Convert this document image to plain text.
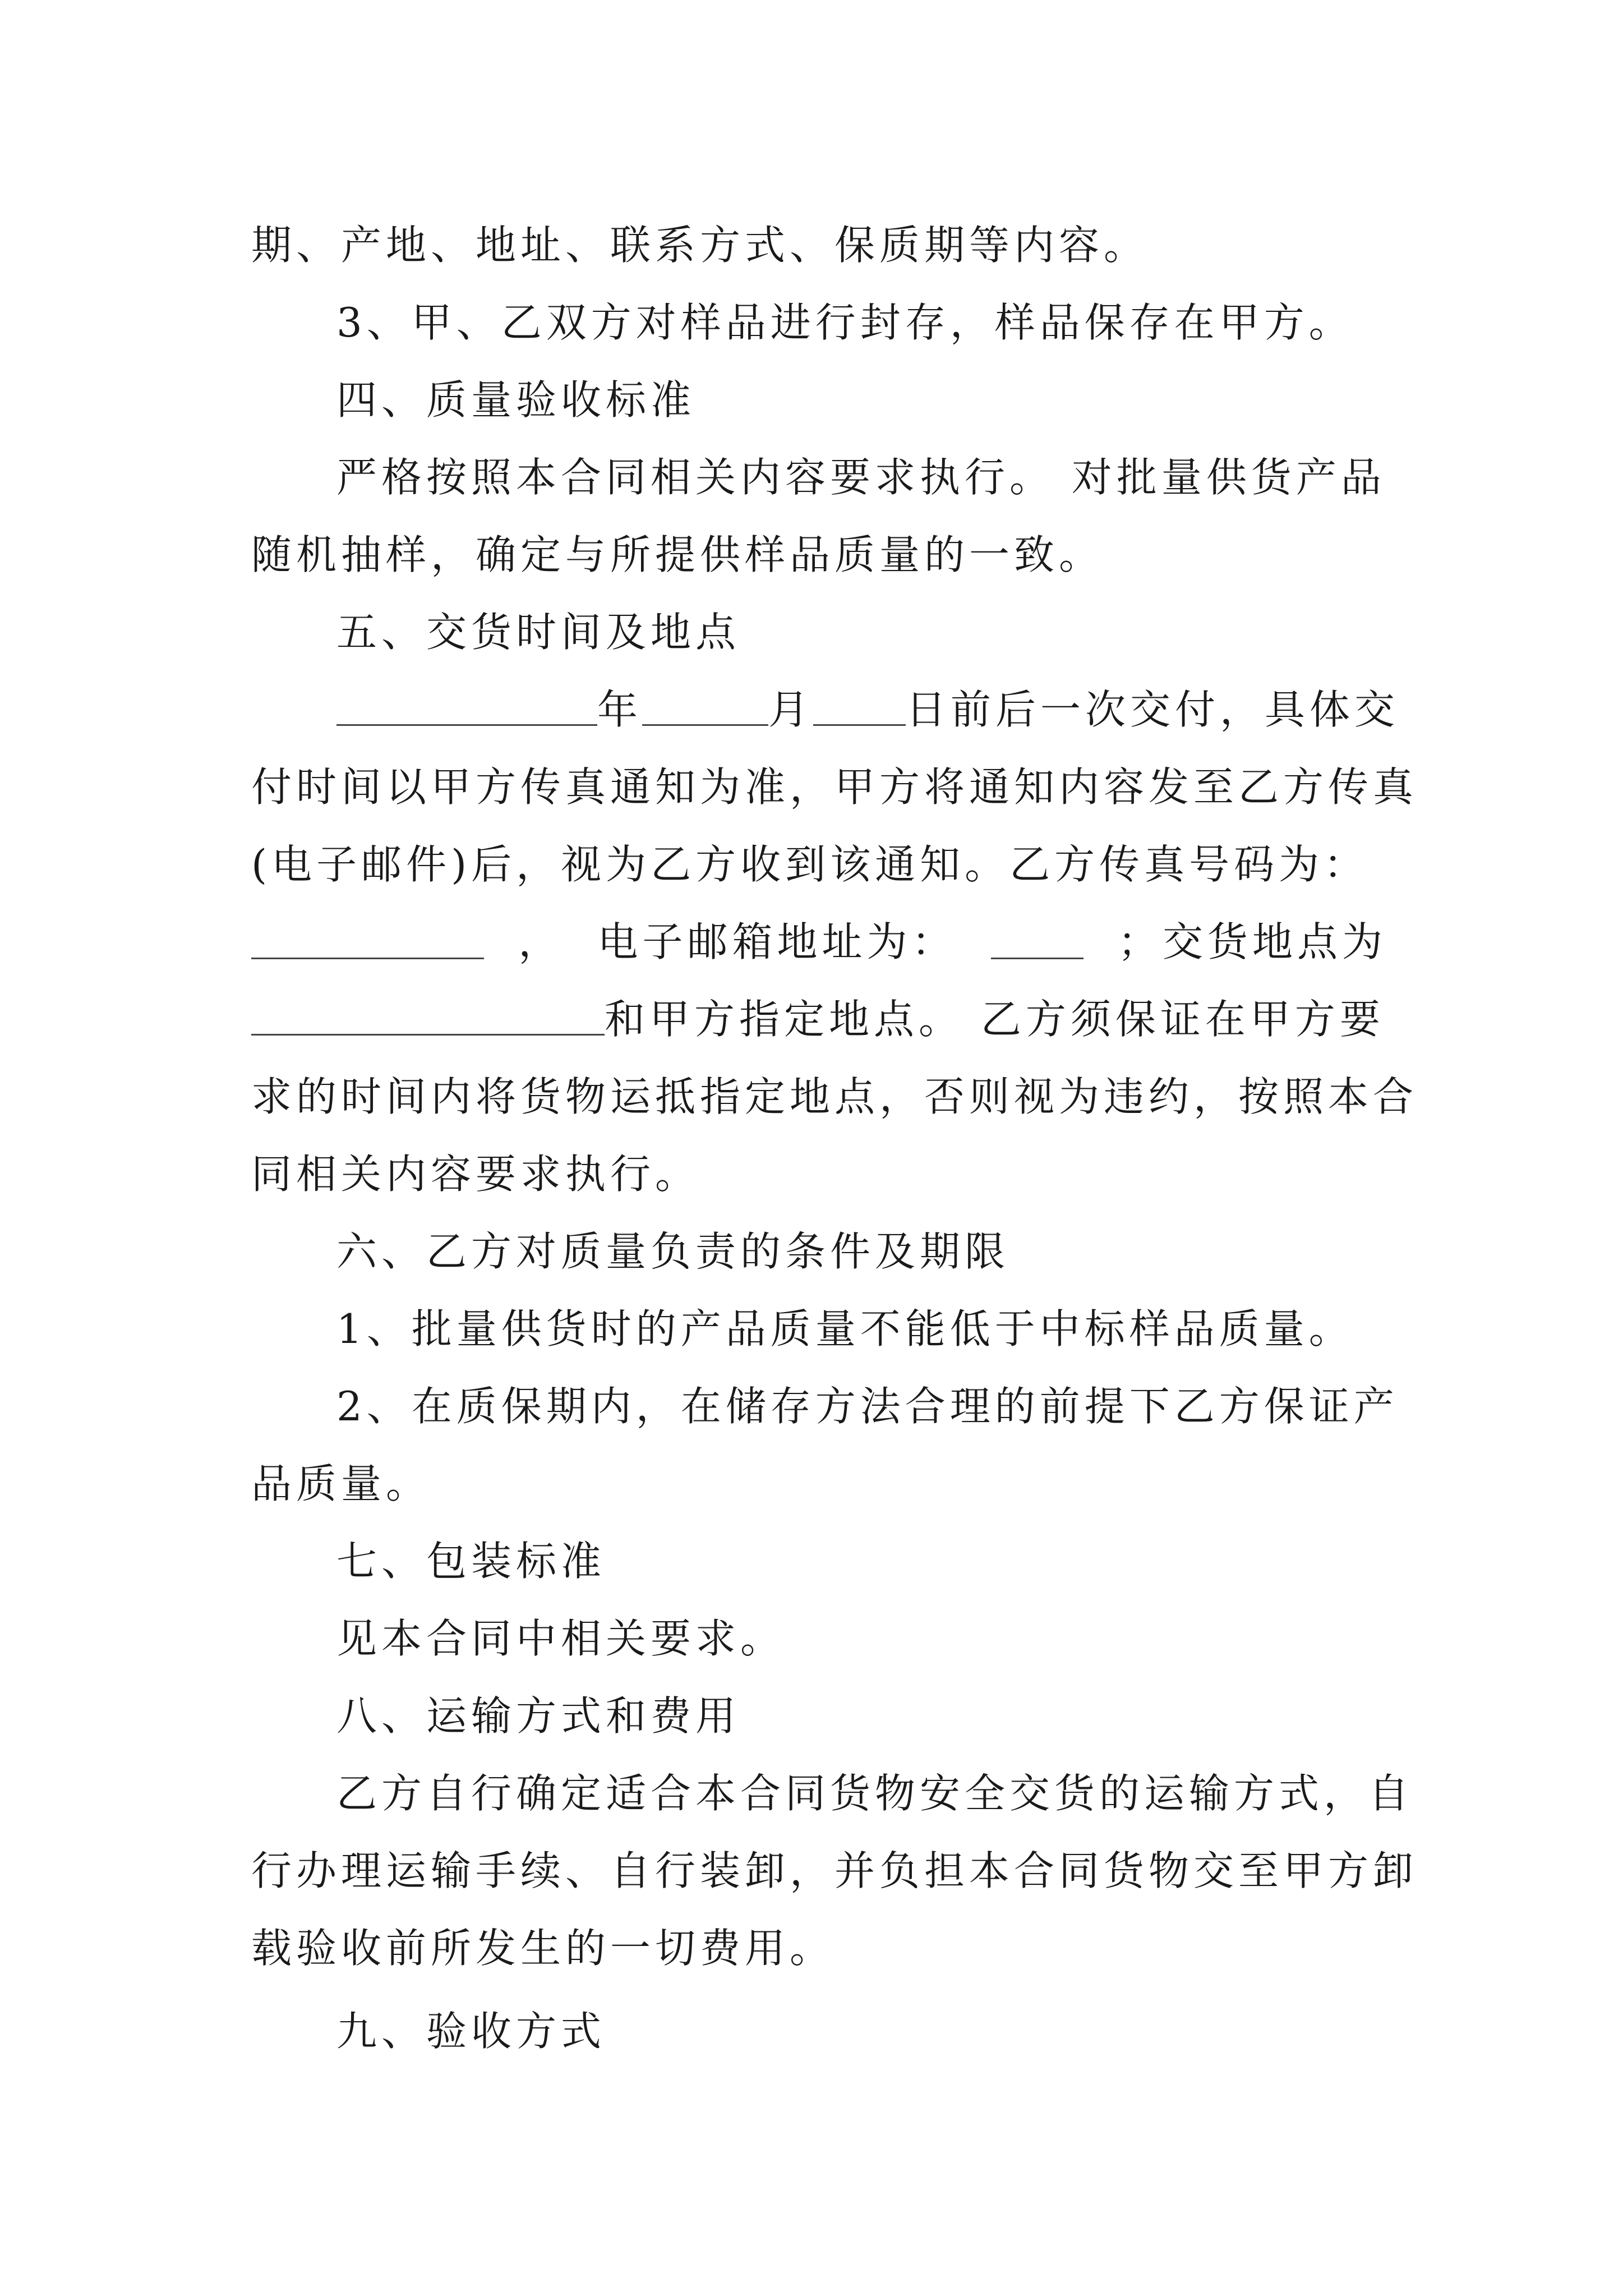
期、产地、地址、联系方式、保质期等内容。
3、甲、乙双方对样品进行封存，样品保存在甲方。
四、质量验收标准
严格按照本合同相关内容要求执行。 对批量供货产品
随机抽样，确定与所提供样品质量的一致。
五、交货时间及地点
年	月 日前后一次交付，具体交
付时间以甲方传真通知为准，甲方将通知内容发至乙方传真
(电子邮件)后，视为乙方收到该通知。乙方传真号码为：
， 电子邮箱地址为：	；交货地点为
和甲方指定地点。 乙方须保证在甲方要
求的时间内将货物运抵指定地点，否则视为违约，按照本合
同相关内容要求执行。
六、乙方对质量负责的条件及期限
1、批量供货时的产品质量不能低于中标样品质量。
2、在质保期内，在储存方法合理的前提下乙方保证产
品质量。
七、包装标准
见本合同中相关要求。
八、运输方式和费用
乙方自行确定适合本合同货物安全交货的运输方式，自
行办理运输手续、自行装卸，并负担本合同货物交至甲方卸
载验收前所发生的一切费用。
九、验收方式
